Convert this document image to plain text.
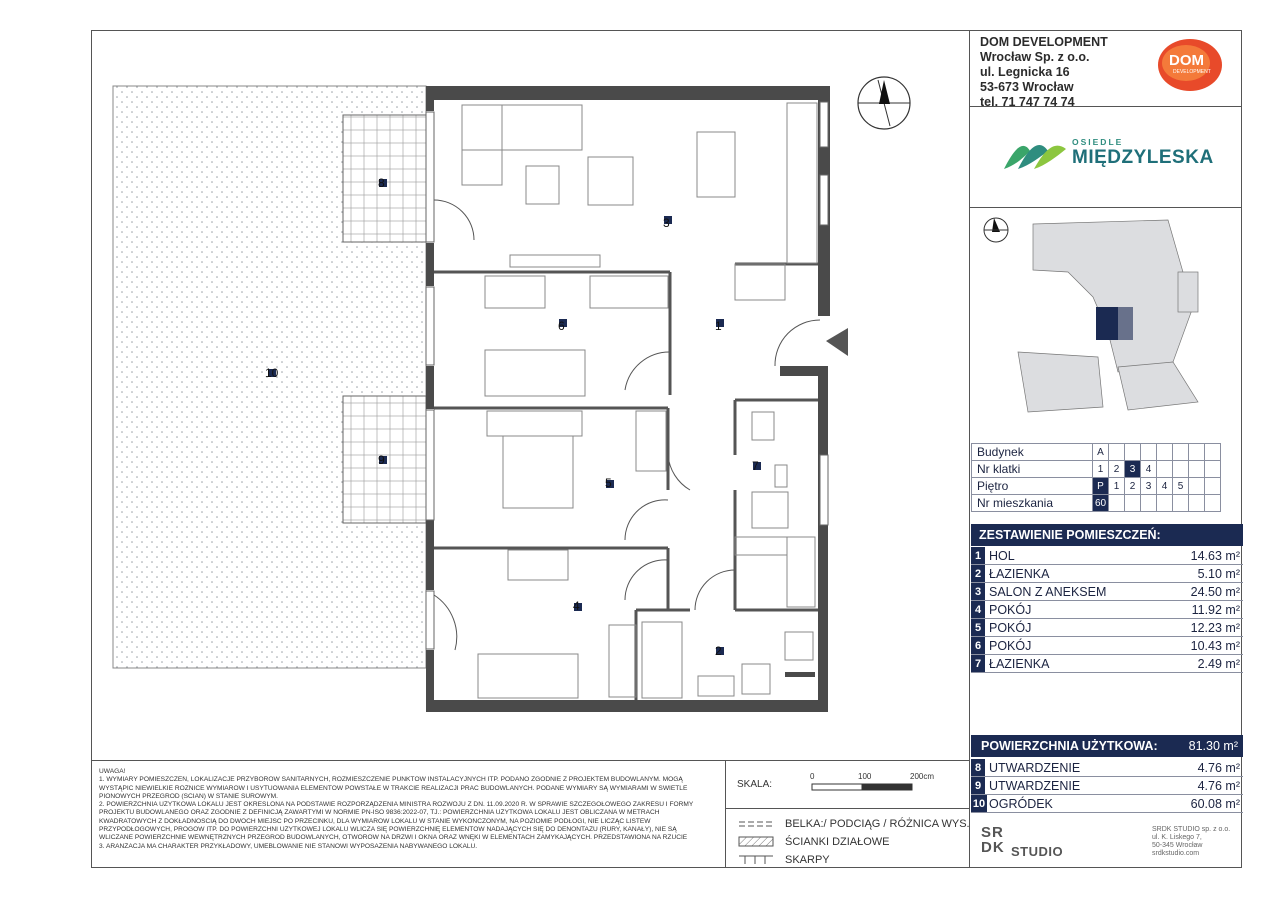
8
9
10
3
1
6
5
7
4
2
DOM DEVELOPMENT
Wrocław Sp. z o.o.
ul. Legnicka 16
53-673 Wrocław
tel. 71 747 74 74
DOM
DEVELOPMENT
OSIEDLE
MIĘDZYLESKA
Budynek	A							
Nr klatki	1	2	3	4				
Piętro	P	1	2	3	4	5		
Nr mieszkania	60							
ZESTAWIENIE POMIESZCZEŃ:
1 HOL	14.63 m²
2 ŁAZIENKA	5.10 m²
3 SALON Z ANEKSEM	24.50 m²
4 POKÓJ	11.92 m²
5 POKÓJ	12.23 m²
6 POKÓJ	10.43 m²
7 ŁAZIENKA	2.49 m²
POWIERZCHNIA UŻYTKOWA: 81.30 m²
8 UTWARDZENIE	4.76 m²
9 UTWARDZENIE	4.76 m²
10 OGRÓDEK	60.08 m²
UWAGA!
1. WYMIARY POMIESZCZEŃ, LOKALIZACJE PRZYBORÓW SANITARNYCH, ROZMIESZCZENIE PUNKTÓW INSTALACYJNYCH ITP. PODANO ZGODNIE Z PROJEKTEM BUDOWLANYM. MOGĄ
WYSTĄPIĆ NIEWIELKIE RÓŻNICE WYMIARÓW I USYTUOWANIA ELEMENTÓW POWSTAŁE W TRAKCIE REALIZACJI PRAC BUDOWLANYCH. PODANE WYMIARY SĄ WYMIARAMI W ŚWIETLE
PIONOWYCH PRZEGRÓD (ŚCIAN) W STANIE SUROWYM.
2. POWIERZCHNIA UŻYTKOWA LOKALU JEST OKREŚLONA NA PODSTAWIE ROZPORZĄDZENIA MINISTRA ROZWOJU Z DN. 11.09.2020 R. W SPRAWIE SZCZEGÓŁOWEGO ZAKRESU I FORMY
PROJEKTU BUDOWLANEGO ORAZ ZGODNIE Z DEFINICJĄ ZAWARTYMI W NORMIE PN-ISO 9836:2022-07, TJ.: POWIERZCHNIA UŻYTKOWA LOKALU JEST OBLICZANA W METRACH
KWADRATOWYCH Z DOKŁADNOŚCIĄ DO DWÓCH MIEJSC PO PRZECINKU, DLA WYMIARÓW LOKALU W STANIE WYKOŃCZONYM, NA POZIOMIE PODŁOGI, NIE LICZĄC LISTEW
PRZYPODŁOGOWYCH, PROGÓW ITP. DO POWIERZCHNI UŻYTKOWEJ LOKALU WLICZA SIĘ POWIERZCHNIĘ ELEMENTÓW NADAJĄCYCH SIĘ DO DENONTAŻU (RURY, KANAŁY), NIE SĄ
WLICZANE POWIERZCHNIE WEWNĘTRZNYCH PRZEGRÓD BUDOWLANYCH, OTWORÓW NA DRZWI I OKNA ORAZ WNĘKI W ELEMENTACH ZAMYKAJĄCYCH. PRZEDSTAWIONA NA RZUCIE
3. ARANŻACJA MA CHARAKTER PRZYKŁADOWY, UMEBLOWANIE NIE STANOWI WYPOSAŻENIA NABYWANEGO LOKALU.
SKALA:
0	100	200cm
BELKA:/ PODCIĄG / RÓŻNICA WYS.
ŚCIANKI DZIAŁOWE
SKARPY
SR
DK STUDIO
SRDK STUDIO sp. z o.o.
ul. K. Liskego 7,
50-345 Wrocław
srdkstudio.com
